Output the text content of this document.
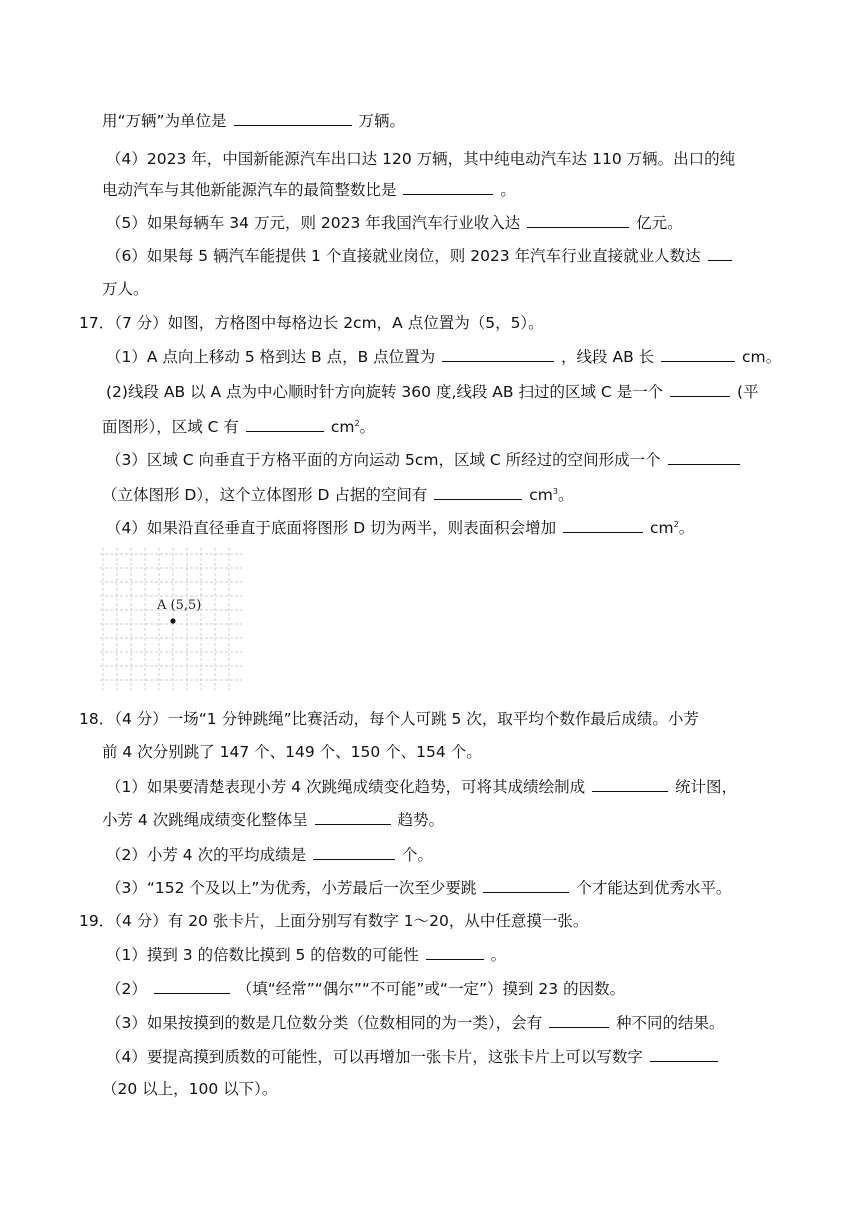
用“万辆”为单位是	万辆。
（4）2023 年，中国新能源汽车出口达 120 万辆，其中纯电动汽车达 110 万辆。出口的纯
电动汽车与其他新能源汽车的最简整数比是	。
（5）如果每辆车 34 万元，则 2023 年我国汽车行业收入达	亿元。
（6）如果每 5 辆汽车能提供 1 个直接就业岗位，则 2023 年汽车行业直接就业人数达
万人。
17．（7 分）如图，方格图中每格边长 2cm，A 点位置为（5，5）。
（1）A 点向上移动 5 格到达 B 点，B 点位置为	，线段 AB 长	cm。
(2)线段 AB 以 A 点为中心顺时针方向旋转 360 度,线段 AB 扫过的区域 C 是一个	(平
面图形），区域 C 有	$cm^2$。
（3）区域 C 向垂直于方格平面的方向运动 5cm，区域 C 所经过的空间形成一个
（立体图形 D），这个立体图形 D 占据的空间有	$cm^3$。
（4）如果沿直径垂直于底面将图形 D 切为两半，则表面积会增加	$cm^2$。
A (5,5)
18．（4 分）一场“1 分钟跳绳”比赛活动，每个人可跳 5 次，取平均个数作最后成绩。小芳
前 4 次分别跳了 147 个、149 个、150 个、154 个。
（1）如果要清楚表现小芳 4 次跳绳成绩变化趋势，可将其成绩绘制成	统计图，
小芳 4 次跳绳成绩变化整体呈	趋势。
（2）小芳 4 次的平均成绩是	个。
（3）“152 个及以上”为优秀，小芳最后一次至少要跳	个才能达到优秀水平。
19．（4 分）有 20 张卡片，上面分别写有数字 1～20，从中任意摸一张。
（1）摸到 3 的倍数比摸到 5 的倍数的可能性	。
（2）	（填“经常”“偶尔”“不可能”或“一定”）摸到 23 的因数。
（3）如果按摸到的数是几位数分类（位数相同的为一类），会有	种不同的结果。
（4）要提高摸到质数的可能性，可以再增加一张卡片，这张卡片上可以写数字
（20 以上，100 以下）。
